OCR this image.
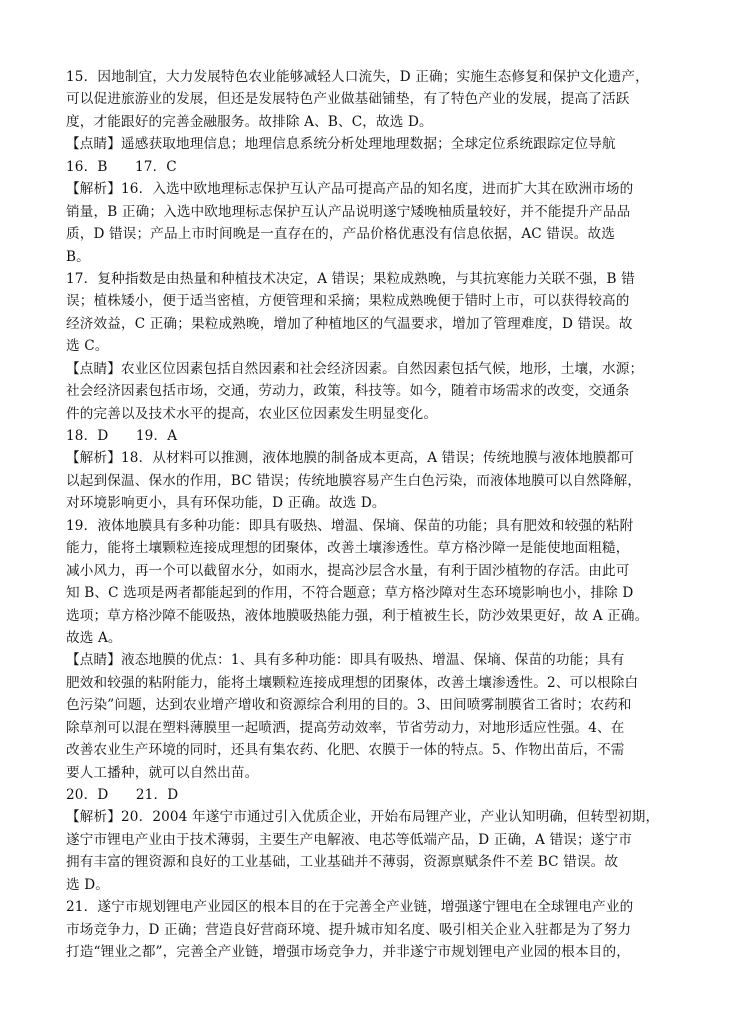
15．因地制宜，大力发展特色农业能够减轻人口流失，D 正确；实施生态修复和保护文化遗产，
可以促进旅游业的发展，但还是发展特色产业做基础铺垫，有了特色产业的发展，提高了活跃
度，才能跟好的完善金融服务。故排除 A、B、C，故选 D。
【点睛】遥感获取地理信息；地理信息系统分析处理地理数据；全球定位系统跟踪定位导航
16．B　　17．C
【解析】16．入选中欧地理标志保护互认产品可提高产品的知名度，进而扩大其在欧洲市场的
销量，B 正确；入选中欧地理标志保护互认产品说明遂宁矮晚柚质量较好，并不能提升产品品
质，D 错误；产品上市时间晚是一直存在的，产品价格优惠没有信息依据，AC 错误。故选
B。
17．复种指数是由热量和种植技术决定，A 错误；果粒成熟晚，与其抗寒能力关联不强，B 错
误；植株矮小，便于适当密植，方便管理和采摘；果粒成熟晚便于错时上市，可以获得较高的
经济效益，C 正确；果粒成熟晚，增加了种植地区的气温要求，增加了管理难度，D 错误。故
选 C。
【点睛】农业区位因素包括自然因素和社会经济因素。自然因素包括气候，地形，土壤，水源；
社会经济因素包括市场，交通，劳动力，政策，科技等。如今，随着市场需求的改变，交通条
件的完善以及技术水平的提高，农业区位因素发生明显变化。
18．D　　19．A
【解析】18．从材料可以推测，液体地膜的制备成本更高，A 错误；传统地膜与液体地膜都可
以起到保温、保水的作用，BC 错误；传统地膜容易产生白色污染，而液体地膜可以自然降解，
对环境影响更小，具有环保功能，D 正确。故选 D。
19．液体地膜具有多种功能：即具有吸热、增温、保墒、保苗的功能；具有肥效和较强的粘附
能力，能将土壤颗粒连接成理想的团聚体，改善土壤渗透性。草方格沙障一是能使地面粗糙，
减小风力，再一个可以截留水分，如雨水，提高沙层含水量，有利于固沙植物的存活。由此可
知 B、C 选项是两者都能起到的作用，不符合题意；草方格沙障对生态环境影响也小，排除 D
选项；草方格沙障不能吸热，液体地膜吸热能力强，利于植被生长，防沙效果更好，故 A 正确。
故选 A。
【点睛】液态地膜的优点：1、具有多种功能：即具有吸热、增温、保墒、保苗的功能；具有
肥效和较强的粘附能力，能将土壤颗粒连接成理想的团聚体，改善土壤渗透性。2、可以根除白
色污染”问题，达到农业增产增收和资源综合利用的目的。3、田间喷雾制膜省工省时；农药和
除草剂可以混在塑料薄膜里一起喷洒，提高劳动效率，节省劳动力，对地形适应性强。4、在
改善农业生产环境的同时，还具有集农药、化肥、农膜于一体的特点。5、作物出苗后，不需
要人工播种，就可以自然出苗。
20．D　　21．D
【解析】20．2004 年遂宁市通过引入优质企业，开始布局锂产业，产业认知明确，但转型初期，
遂宁市锂电产业由于技术薄弱，主要生产电解液、电芯等低端产品，D 正确，A 错误；遂宁市
拥有丰富的锂资源和良好的工业基础，工业基础并不薄弱，资源禀赋条件不差 BC 错误。故
选 D。
21．遂宁市规划锂电产业园区的根本目的在于完善全产业链，增强遂宁锂电在全球锂电产业的
市场竞争力，D 正确；营造良好营商环境、提升城市知名度、吸引相关企业入驻都是为了努力
打造“锂业之都”，完善全产业链，增强市场竞争力，并非遂宁市规划锂电产业园的根本目的，
